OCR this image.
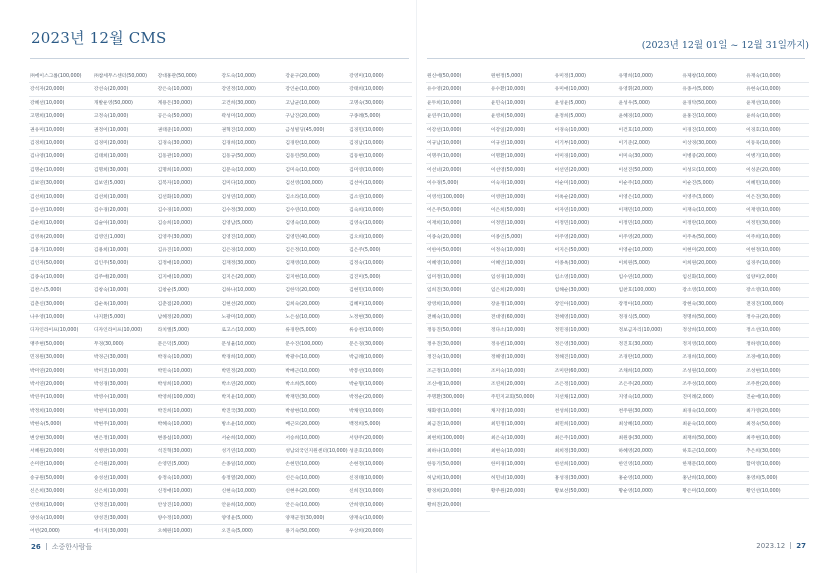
2023년 12월 CMS	(2023년 12월 01일 ~ 12월 31일까지)
㈜에이스그룹(100,000)	㈜참세무스센터(50,000)	강대홍관(50,000)	강도숙(10,000)	강윤구(20,000)	강영미(10,000)
강석자(20,000)	강선숙(20,000)	강은숙(10,000)	강연정(10,000)	강인순(10,000)	강태희(10,000)
강혜선(10,000)	개발운영(50,000)	계용돈(30,000)	고건희(30,000)	고남균(10,000)	고명숙(30,000)
고명희(10,000)	고정숙(10,000)	공은숙(50,000)	곽성미(10,000)	구남진(20,000)	구종례(5,000)
권유미(10,000)	권정이(10,000)	권태준(10,000)	권혁진(10,000)	금성빌딩(45,000)	김경민(10,000)
김경희(10,000)	김경미(20,000)	김경숙(30,000)	김경희(10,000)	김경란(10,000)	김경남(10,000)
김나영(10,000)	김태희(10,000)	김동관(10,000)	김동규(50,000)	김동린(50,000)	김동현(10,000)
김명순(10,000)	김명희(30,000)	김명희(10,000)	김문숙(10,000)	김미숙(10,000)	김미영(10,000)
김보연(30,000)	김보연(5,000)	김복자(10,000)	김미다(10,000)	김선영(100,000)	김선아(10,000)
김선희(10,000)	김선희(10,000)	김선화(10,000)	김성연(10,000)	김소라(10,000)	김소연(10,000)
김수선(10,000)	김수경(20,000)	김수경(10,000)	김수정(30,000)	김수연(10,000)	김숙희(10,000)
김순희(10,000)	김슬아(10,000)	김승희(10,000)	김영남(5,000)	김영숙(10,000)	김영숙(10,000)
김영옥(20,000)	김영인(1,000)	김영주(30,000)	김영진(10,000)	김영민(40,000)	김오희(10,000)
김용기(10,000)	김용희(10,000)	김유진(10,000)	김은경(10,000)	김은정(10,000)	김은주(5,000)
김인자(50,000)	김인주(50,000)	김정애(10,000)	김재정(30,000)	김재영(10,000)	김정숙(10,000)
김종숙(10,000)	김주애(20,000)	김지애(10,000)	김지은(20,000)	김지현(10,000)	김진미(5,000)
김찬스(5,000)	김창숙(10,000)	김창순(5,000)	김하나(10,000)	김한덕(20,000)	김현민(10,000)
김춘신(30,000)	김순옥(10,000)	김춘점(20,000)	김현선(20,000)	김희숙(20,000)	김혜미(10,000)
나우영(10,000)	나지환(5,000)	남혜정(20,000)	노광미(10,000)	노은실(10,000)	노정현(30,000)
디자인라이프(10,000)	디자인라이프(10,000)	라치엘(5,000)	로고스(10,000)	류경란(5,000)	류승천(10,000)
맹주현(50,000)	무경(30,000)	문은덕(5,000)	문성율(10,000)	문수진(100,000)	문은경(30,000)
민경원(30,000)	박경근(30,000)	박경숙(10,000)	박경희(10,000)	박광수(10,000)	박금례(10,000)
박미연(20,000)	박미진(10,000)	박민숙(10,000)	박민정(20,000)	박배근(10,000)	박봉선(10,000)
박서연(20,000)	박성경(30,000)	박성희(10,000)	박소연(20,000)	박소희(5,000)	박순형(10,000)
박연주(10,000)	박영수(10,000)	박영희(100,000)	박지윤(10,000)	박재민(30,000)	박정순(20,000)
박정희(10,000)	박현미(10,000)	박진희(10,000)	박진국(30,000)	박창현(10,000)	박채연(10,000)
박현숙(5,000)	박현주(10,000)	박혜숙(10,000)	방소윤(10,000)	배근모(20,000)	백정희(5,000)
변상현(30,000)	변은정(10,000)	변종섭(10,000)	서순희(10,000)	서승희(10,000)	서양주(20,000)
서혜원(20,000)	석병란(10,000)	석진혁(30,000)	성기연(10,000)	성남외국인지원센터(10,000) 성준호(10,000)
손미란(10,000)	손석원(20,000)	손영민(5,000)	손종일(10,000)	손현민(10,000)	손현정(10,000)
송규원(50,000)	송성선(10,000)	송정숙(10,000)	송정열(20,000)	신은숙(10,000)	신경태(10,000)
신은희(30,000)	신은희(10,000)	신정애(10,000)	신현숙(10,000)	신현우(20,000)	신희진(10,000)
안영희(10,000)	안정진(10,000)	안상진(10,000)	안윤희(10,000)	안은숙(10,000)	안희영(10,000)
양성숙(10,000)	양성진(30,000)	양수정(10,000)	양영윤(5,000)	양재군정(30,000)	양재숙(10,000)
어빈(20,000)	에너지(30,000)	오혜원(10,000)	오진숙(5,000)	용기숙(50,000)	우상희(20,000)
원신애(50,000)	원현정(5,000)	유미정(3,000)	유명희(10,000)	유제창(10,000)	유재숙(10,000)
유수영(20,000)	유수환(10,000)	유미애(10,000)	유영휘(20,000)	유종서(5,000)	유현숙(10,000)
윤두희(10,000)	윤민숙(10,000)	윤성윤(5,000)	윤성우(5,000)	윤경탁(50,000)	윤재선(10,000)
윤연주(10,000)	윤영희(50,000)	윤정희(5,000)	윤혜경(10,000)	윤홍진(10,000)	윤희숙(10,000)
이강선(10,000)	이강일(20,000)	이경숙(10,000)	이건호(10,000)	이경진(10,000)	이경호(10,000)
이규남(10,000)	이규선(10,000)	이기부(10,000)	이기준(2,000)	이상경(30,000)	이동욱(10,000)
이명주(10,000)	이명환(10,000)	이미경(10,000)	이미숙(30,000)	이병중(20,000)	이병기(10,000)
이선녀(20,000)	이선영(50,000)	이선연(20,000)	이선진(50,000)	이성모(10,000)	이성준(20,000)
이수경(5,000)	이숙자(10,000)	이순미(10,000)	이순주(10,000)	이순진(5,000)	이혜민(10,000)
이영석(100,000)	이영란(10,000)	이옥순(20,000)	이영은(10,000)	이영주(3,000)	이은진(30,000)
이은주(50,000)	이은희(50,000)	이자연(10,000)	이재민(10,000)	이재숙(10,000)	이재영(10,000)
이재희(10,000)	이정민(10,000)	이정민(10,000)	이정민(10,000)	이정란(10,000)	이정민(30,000)
이종숙(20,000)	이종인(5,000)	이주영(20,000)	이주영(20,000)	이주옥(50,000)	이주희(10,000)
이한아(50,000)	이정숙(10,000)	이지은(50,000)	이영순(10,000)	이현미(20,000)	이현정(10,000)
이혜영(10,000)	이혜인(10,000)	이종옥(30,000)	이희원(5,000)	이희원(20,000)	임경주(10,000)
임미정(10,000)	임성경(10,000)	임소영(10,000)	임수연(10,000)	임신화(10,000)	임양미(2,000)
임희진(30,000)	임은희(20,000)	임해순(30,000)	임찬호(100,000)	장소영(10,000)	장소영(10,000)
장영희(10,000)	장윤정(10,000)	장인아(10,000)	장정아(10,000)	장현숙(30,000)	전경진(100,000)
전혜숙(10,000)	전대영(60,000)	전혜영(10,000)	정경식(5,000)	정명희(50,000)	정수규(20,000)
정동진(50,000)	정다소(10,000)	정민경(10,000)	정보금자리(10,000)	정상희(10,000)	정소선(10,000)
정우진(30,000)	정유빈(10,000)	정은영(30,000)	정진호(30,000)	정지영(10,000)	정하영(10,000)
정진숙(10,000)	정해영(10,000)	정해진(10,000)	조경란(10,000)	조경희(10,000)	조경애(10,000)
조근정(10,000)	조미숙(10,000)	조미란(60,000)	조채희(10,000)	조성원(10,000)	조성현(10,000)
조신애(10,000)	조연희(20,000)	조은정(10,000)	조은주(20,000)	조주성(10,000)	조주완(20,000)
주명환(300,000)	주민지교회(50,000)	지선채(12,000)	지영숙(10,000)	진미례(2,000)	진순애(10,000)
채화영(10,000)	채지영(10,000)	천성희(10,000)	천주원(30,000)	최경숙(10,000)	최가영(20,000)
최금진(10,000)	최민정(10,000)	최민희(10,000)	최상혜(10,000)	최윤숙(10,000)	최정숙(50,000)
최현희(100,000)	최은숙(10,000)	최은주(10,000)	최원종(30,000)	최재희(50,000)	최주현(10,000)
최하나(10,000)	최현숙(10,000)	최희정(30,000)	하혜영(20,000)	하호근(10,000)	추은희(30,000)
한동기(50,000)	한미경(10,000)	한선희(10,000)	한인영(10,000)	한재문(10,000)	함미영(10,000)
허남희(10,000)	허민녀(10,000)	홍성경(30,000)	홍순영(10,000)	홍난희(10,000)	홍영희(5,000)
황경희(20,000)	황주원(20,000)	황보선(50,000)	황순영(10,000)	황은미(10,000)	황인선(10,000)
황희진(20,000)
26 소중한사람들	2023.12 27
